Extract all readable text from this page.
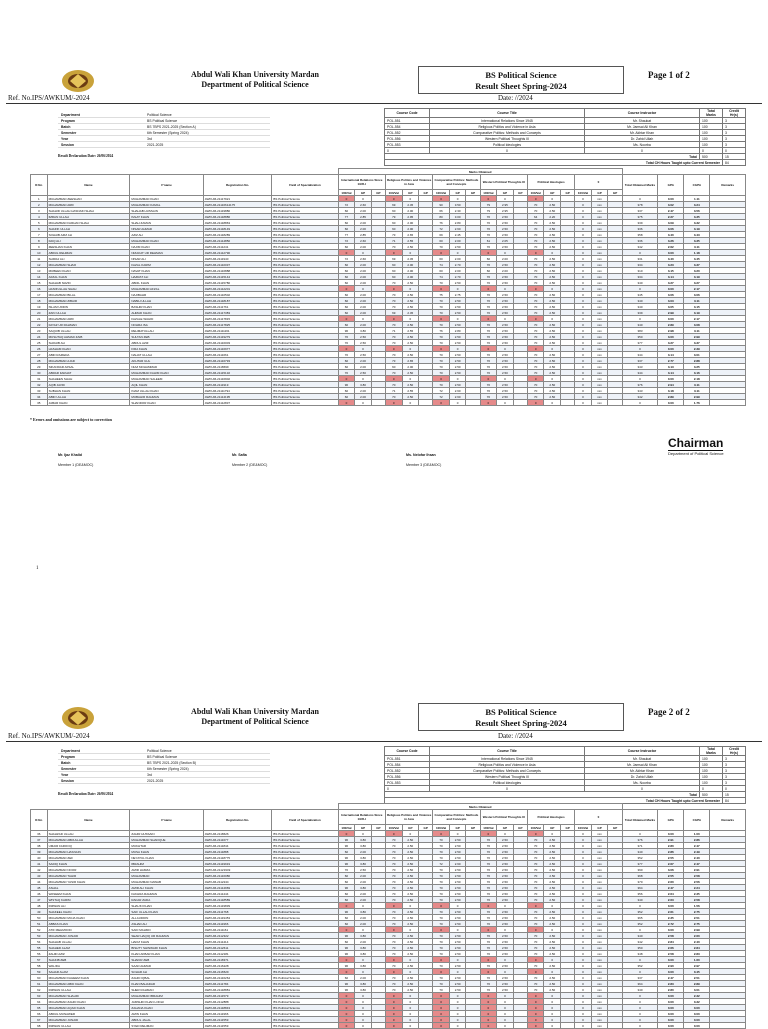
Abdul Wali Khan University Mardan
Department of Political Science
BS Political Science
Result Sheet Spring-2024
Page 1 of 2
Ref. No.IPS/AWKUM/-2024	Date: //2024
Department	Political Science
Program	BS Political Science
Batch	BS 7BPS 2021-2025 (Section A)
Semester	6th Semester (Spring 2024)
Year	3rd
Session	2021-2025
Course Code	Course Title	Course Instructor	Total Marks	Credit Hr(s)
POL-551	International Relations Since 1945	Mr. Shaukat	100	3
POL-554	Religious Politics and Violence in Asia	Mr. Jamsai Ali Khan	100	3
POL-552	Comparative Politics: Methods and Concepts	Mr. Akhtar Khan	100	3
POL-556	Western Political Thoughts III	Dr. Zahid Ullah	100	3
POL-553	Political Ideologies	Ms. Noorba	100	3
0	0	0	0	0
Total			500	15
Total CH Hours Taught upto Current Semester				84
Result Declaration Date: 26/06/2024
					Marks Obtained																					
R.No	Name	F'name	Registration No.	Field of Specialization	International Relations Since 1945-I			Religious Politics and Violence in Asia			Comparative Politics: Methods and Concepts			Western Political Thoughts III			Political Ideologies			0			Total Obtained Marks	GPA	CGPA	Remarks
					100/Val	GP	GP	100/Val	GP	GP	100/Val	GP	GP	100/Val	GP	GP	100/Val	GP	GP	100/Val	GP	GP				
1	MUHAMMAD ZEESHAN	MUHAMMAD KHAN	AWKUM-21117921	BS Political Science	0	0		0	0		0	0		0	0		0	0		0	xxx		0	0.00	1.11	
2	MUHAMMAD ARIF	MUHAMMAD KAMAL	AWKUM-21116614175	BS Political Science	72	2.60		69	2.45		90	3.50		79	2.95		70	2.50		0	xxx		378	3.02	3.24	
3	SHAHID ULLAH HASNAIN SHAH	SHAHAB HUSSAIN	AWKUM-21119880	BS Political Science	60	2.00		60	2.00		66	2.30		79	2.95		70	2.50		0	xxx		337	2.47	3.56	
4	IMRAN ULLAH	IMLAT KHAN	AWKUM-21118886	BS Political Science	77	2.85		79	2.95		80	3.00		70	2.50		64	2.20		0	xxx		375	2.27	3.35	
5	MUHAMMAD FARHAN SHAH	SHAH ZAMAN	AWKUM-21118863	BS Political Science	60	2.00		60	2.00		76	2.80		70	2.50		70	2.50		0	xxx		339	3.09	3.32	
6	SHAFIK ULLAH	NISAR AHMAD	AWKUM-21118149	BS Political Science	60	2.00		60	2.00		72	2.60		70	2.50		70	2.50		0	xxx		336	3.06	3.19	
7	SOHAIB AZIZ ALI	AZIZ ALI	AWKUM-21118289	BS Political Science	77	2.85		73	2.65		69	2.45		70	2.50		70	2.50		0	xxx		358	3.40	3.43	
8	FAIQ ALI	MUHAMMAD KHAN	AWKUM-21114850	BS Political Science	72	2.60		71	2.55		60	2.00		61	2.05		70	2.50		0	xxx		336	3.26	3.35	
9	ZEESHAN KHAN	NAJIM KHAN	AWKUM-2111241	BS Political Science	60	2.00		70	2.50		70	2.50		70	2.50		70	2.50		0	xxx		342	2.62	3.11	
10	ABDUL REHMAN	NIZAKAT UR REHMAN	AWKUM-21112790	BS Political Science	0	0		0	0		0	0		0	0		0	0		0	xxx		0	0.00	1.18	
11	SHIRAJ ALI	NISAR ALI	AWKUM-2111940	BS Political Science	72	2.60		69	2.45		60	2.00		60	2.00		70	2.50		0	xxx		331	3.40	3.45	
12	MUHAMMAD SHAFI	FAZAL KARIM	AWKUM-21110037	BS Political Science	60	2.00		60	2.00		74	2.70		70	2.50		70	2.50		0	xxx		334	3.23	3.37	
13	MUBEEN KHAN	NAVAT KHAN	AWKUM-21116888	BS Political Science	60	2.00		60	2.00		60	2.00		60	2.00		70	2.50		0	xxx		310	3.15	3.20	
14	AFZAL KHAN	HAZRAT ALI	AWKUM-21115144	BS Political Science	60	2.00		60	2.00		74	2.70		70	2.50		70	2.50		0	xxx		334	3.14	3.19	
15	SHAHAB NAVID	ABDIL KHAN	AWKUM-21115780	BS Political Science	60	2.00		70	2.50		70	2.50		70	2.50		70	2.50		0	xxx		340	3.27	3.27	
16	HANIFULLAH SHAH	MUHAMMAD AFZAL	AWKUM-21112201	BS Political Science	0	0		0	0		0	0		0	0		0	0		0	xxx		0	0.00	2.17	
17	MUHAMMAD BILAL	NAJIBAHR	AWKUM-21110502	BS Political Science	60	2.00		70	2.50		75	2.75		70	2.50		70	2.50		0	xxx		345	3.06	3.06	
18	MUHAMMAD ZIBAIR	NABIH ULLAH	AWKUM-21118187	BS Political Science	60	2.00		70	2.50		70	2.50		70	2.50		70	2.50		0	xxx		340	3.03	3.11	
19	ISLAM UDDIN	BASHIR KHAN	AWKUM-2111761	BS Political Science	60	2.00		70	2.50		70	2.50		70	2.50		70	2.50		0	xxx		340	3.05	3.15	
20	ZAIN ULLAH	AHMAD KHAN	AWKUM-21117383	BS Political Science	60	2.00		69	2.45		70	2.50		70	2.50		70	2.50		0	xxx		339	2.99	3.19	
21	MUHAMMAD ARIF	FAZALE WAHID	AWKUM-21117815	BS Political Science	0	0		0	0		0	0		0	0		0	0		0	xxx		0	0.00	2.17	
22	FAYAZ UR RAHMAN	NOHRA ISA	AWKUM-21117825	BS Political Science	60	2.00		70	2.50		70	2.50		70	2.50		70	2.50		0	xxx		340	2.89	3.08	
23	SAQUIB ULLAH	REHMATULLAH	AWKUM-21111161	BS Political Science	96	3.80		71	2.55		76	2.80		70	2.50		70	2.50		0	xxx		383	2.98	3.11	
24	MUSHTAQ AHMAD ZAIB	SULTAN ZEB	AWKUM-21119279	BS Political Science	70	2.50		70	2.50		70	2.50		70	2.50		70	2.50		0	xxx		350	3.00	2.99	
25	SHOAIB ALI	ABDUL AZIZ	AWKUM-21116003	BS Political Science	70	2.50		70	2.50		70	2.50		70	2.50		70	2.50		0	xxx		377	3.27	3.37	
26	HASHAM KHAN	FIRA KHAN	AWKUM-21116977	BS Political Science	0	0		0	0		0	0		0	0		0	0		0	xxx		0	0.00	2.39	
27	ABID RAZIEDA	NAHAT ULLAH	AWKUM-2111661	BS Political Science	70	2.50		70	2.50		70	2.50		70	2.50		70	2.50		0	xxx		344	3.14	3.01	
28	MUHAMMAD AJAD	AKHTAR GUL	AWKUM-21116793	BS Political Science	60	2.00		73	2.65		70	2.50		70	2.50		70	2.50		0	xxx		337	2.77	2.88	
29	SIKANDAR AFSAL	NIAZ MOHAMMAD	AWKUM-2118699	BS Political Science	60	2.00		60	2.00		70	2.50		70	2.50		70	2.50		0	xxx		343	3.13	3.25	
30	ABRAR FARHAT	MUHAMMAD FAHIM KHAN	AWKUM-21115132	BS Political Science	70	2.50		70	2.50		70	2.50		70	2.50		70	2.50		0	xxx		344	3.14	3.16	
31	SHAHEEN SHAH	MUHAMMAD SALEEM	AWKUM-21116902	BS Political Science	0	0		0	0		0	0		0	0		0	0		0	xxx		0	0.00	2.18	
32	AQIB JAVID	AQIL KHAN	AWKUM-2111919	BS Political Science	96	3.80		70	2.50		70	2.50		70	2.50		70	2.50		0	xxx		376	2.94	3.11	
33	SUBHAN KHAN	INAM ULLAH KHAN	AWKUM-21111794	BS Political Science	60	2.00		71	2.55		72	2.60		70	2.50		70	2.50		0	xxx		343	3.18	3.11	
34	ABID ULLAH	MUBAHIR RAHMAN	AWKUM-21114195	BS Political Science	60	2.00		70	2.50		72	2.60		70	2.50		70	2.50		0	xxx		342	2.89	2.99	
35	JABAR KHAN	SHANDOR KHAN	AWKUM-21112837	BS Political Science	0	0		0	0		0	0		0	0		0	0		0	xxx		0	0.00	1.76	
* Errors and omissions are subject to correction
Mr. Ijaz Khalid
Member 1 (DE&MOC)
Mr. Safia
Member 2 (DE&MOC)
Ms. Nelofar Ihsan
Member 3 (DE&MOC)
Chairman
Department of Political Science
1
Abdul Wali Khan University Mardan
Department of Political Science
BS Political Science
Result Sheet Spring-2024
Page 2 of 2
Ref. No.IPS/AWKUM/-2024	Date: //2024
Department	Political Science
Program	BS Political Science
Batch	BS 7BPS 2021-2025 (Section B)
Semester	6th Semester (Spring 2024)
Year	3rd
Session	2021-2025
Course Code	Course Title	Course Instructor	Total Marks	Credit Hr(s)
POL-551	International Relations Since 1945	Mr. Shaukat	100	3
POL-554	Religious Politics and Violence in Asia	Mr. Jamsai Ali Khan	100	3
POL-552	Comparative Politics: Methods and Concepts	Mr. Akhtar Khan	100	3
POL-556	Western Political Thoughts III	Dr. Zahid Ullah	100	3
POL-553	Political Ideologies	Ms. Noorba	100	3
0	0	0	0	0
Total			500	15
Total CH Hours Taught upto Current Semester				84
Result Declaration Date: 26/06/2024
					Marks Obtained																					
R.No	Name	F'name	Registration No.	Field of Specialization	International Relations Since 1945-I			Religious Politics and Violence in Asia			Comparative Politics: Methods and Concepts			Western Political Thoughts III			Political Ideologies			0			Total Obtained Marks	GPA	CGPA	Remarks
					100/Val	GP	GP	100/Val	GP	GP	100/Val	GP	GP	100/Val	GP	GP	100/Val	GP	GP	100/Val	GP	GP				
36	SHAHZAD ULLAH	ZAHIR HUSSAIN	AWKUM-2118626	BS Political Science	0	0		0	0		0	0		0	0		0	0		0	xxx		0	0.00	1.00	
37	MUHAMMAD ABDULLAH	MUHAMMAD SHAFIQUE	AWKUM-2111677	BS Political Science	96	3.80		70	2.50		70	2.50		70	2.50		70	2.50		0	xxx		376	2.91	2.86	
38	UMAIR FAROOQ	MUKHTAR	AWKUM-2111844	BS Political Science	96	3.80		70	2.50		70	2.50		70	2.50		70	2.50		0	xxx		371	2.80	2.47	
39	MUHAMMAD HASNAIN	MUSA KHAN	AWKUM-2111888	BS Political Science	60	2.00		70	2.50		70	2.50		70	2.50		70	2.50		0	xxx		340	2.86	2.49	
40	MUHAMMAD ZEF	NEYATUL KHAN	AWKUM-21118775	BS Political Science	96	3.80		70	2.50		70	2.50		70	2.50		70	2.50		0	xxx		352	2.55	2.40	
41	SADIQ KHAN	IBRAHIM	AWKUM-21119919	BS Political Science	96	3.80		70	2.50		72	2.60		70	2.50		70	2.50		0	xxx		377	2.67	2.47	
42	MUHAMMAD NOOR	AMIR HAMZA	AWKUM-21121949	BS Political Science	70	2.50		70	2.50		70	2.50		70	2.50		70	2.50		0	xxx		390	3.06	2.91	
43	MUHAMMAD TAHIR	MUHAMMAD	AWKUM-21116086	BS Political Science	60	2.00		70	2.50		70	2.50		70	2.50		70	2.50		0	xxx		368	2.55	2.58	
44	MUHAMMAD YASIR KHAN	MUHAMMAD NAWAB	AWKUM-2112244	BS Political Science	60	2.00		70	2.50		70	2.50		70	2.50		70	2.50		0	xxx		370	2.60	2.56	
45	ASHAL	AMIR ALI KHAN	AWKUM-21114969	BS Political Science	96	3.80		70	2.50		70	2.50		70	2.50		70	2.50		0	xxx		364	2.47	2.24	
46	WASEEM KHAN	FAKHRA RAHMAN	AWKUM-2111444	BS Political Science	60	2.00		70	2.50		70	2.50		70	2.50		70	2.50		0	xxx		356	2.64	2.35	
47	WISTAQ KARIM	RAFAR ZADA	AWKUM-21118589	BS Political Science	60	2.00		70	2.50		70	2.50		70	2.50		70	2.50		0	xxx		340	2.63	2.58	
48	RIZWAN ALI	SHAUKI KHAN	AWKUM-21119839	BS Political Science	0	0		0	0		0	0		0	0		0	0		0	xxx		0	0.00	1.56	
49	SHAKEEL KHAN	SAIF ULLAH KHAN	AWKUM-2111768	BS Political Science	96	3.80		70	2.50		70	2.50		70	2.50		70	2.50		0	xxx		352	2.61	2.75	
50	MUHAMMAD MUJA KHAN	ALLAUDDIN	AWKUM-21119453	BS Political Science	60	2.00		70	2.50		70	2.50		70	2.50		70	2.50		0	xxx		365	2.35	2.51	
51	ABBAS KHAN	ASHAD ALI	AWKUM-2111966	BS Political Science	60	2.00		70	2.50		70	2.50		70	2.50		70	2.50		0	xxx		352	2.72	2.75	
52	ATIF MEHMOOD	SAID MAHMO	AWKUM-2111161	BS Political Science	0	0		0	0		0	0		0	0		0	0		0	xxx		0	0.00	2.99	
53	MUHAMMAD JUNAID	SEAR HAQIQ UR RAHMAN	AWKUM-2112322	BS Political Science	96	3.80		70	2.50		70	2.50		70	2.50		70	2.50		0	xxx		340	2.58	2.60	
54	SHAHAB ULLAH	HAFIZ KHAN	AWKUM-2111414	BS Political Science	60	2.00		70	2.50		70	2.50		70	2.50		70	2.50		0	xxx		342	2.84	2.40	
55	SHAHED ALAM	BISHTY SHINWARI KHAN	AWKUM-2112611	BS Political Science	96	3.80		70	2.50		70	2.50		70	2.50		70	2.50		0	xxx		350	2.66	2.84	
56	ZAHID AZIZ	KHAN AKBAR KHAN	AWKUM-2112181	BS Political Science	96	3.80		70	2.50		70	2.50		70	2.50		70	2.50		0	xxx		348	2.58	2.83	
57	SHAKIB ZEB	SHAKIR ZEB	AWKUM-2118371	BS Political Science	0	0		0	0		0	0		0	0		0	0		0	xxx		0	0.00	1.60	
58	WALIDA	SAAD AHMAD	AWKUM-2116228	BS Political Science	96	3.80		70	2.50		70	2.50		70	2.50		70	2.50		0	xxx		352	2.90	2.97	
59	SAHAR ALAM	SOHAR ALI	AWKUM-2116529	BS Political Science	0	0		0	0		0	0		0	0		0	0		0	xxx		0	0.00	0.45	
60	MUHAMMAD FAHEEM KHAN	ZAHID IQBAL	AWKUM-21116264	BS Political Science	60	2.00		70	2.50		70	2.50		70	2.50		70	2.50		0	xxx		337	2.47	2.51	
61	MUHAMMAD ABID KHAN	KHAN BAHADAR	AWKUM-2111784	BS Political Science	96	3.80		70	2.50		70	2.50		70	2.50		70	2.50		0	xxx		364	2.83	2.89	
62	RIZWAN ULLAH	SHER RAHMAN	AWKUM-21118881	BS Political Science	96	3.80		70	2.50		70	2.50		70	2.50		70	2.50		0	xxx		340	2.80	3.01	
63	MUHAMMAD SHAHID	MUHAMMAD IBRAHIM	AWKUM-2111579	BS Political Science	0	0		0	0		0	0		0	0		0	0		0	xxx		0	0.00	2.32	
64	MUHAMMAD ZAHID KHAN	JAMSHID KHAN LODHI	AWKUM-2112888	BS Political Science	0	0		0	0		0	0		0	0		0	0		0	xxx		0	0.00	0.32	
65	MUHAMMAD AQAD KHAN	ZAHANA KHAN	AWKUM-21118843	BS Political Science	0	0		0	0		0	0		0	0		0	0		0	xxx		0	0.00	0.00	
66	ABDUL MUNAWER	AMIN KHAN	AWKUM-2111966	BS Political Science	0	0		0	0		0	0		0	0		0	0		0	xxx		0	0.00	0.00	
67	MUHAMMAD JUNAID	ABDUL JALAL	AWKUM-2111559	BS Political Science	0	0		0	0		0	0		0	0		0	0		0	xxx		0	0.00	0.00	
68	RIZWAN ULLAH	SYED REHMAN	AWKUM-2111559	BS Political Science	0	0		0	0		0	0		0	0		0	0		0	xxx		0	0.00	0.00	
